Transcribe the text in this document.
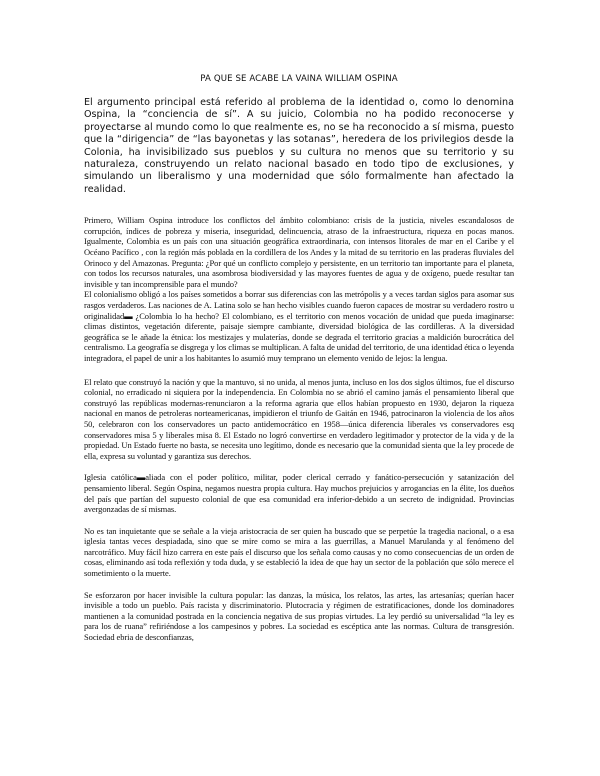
PA QUE SE ACABE LA VAINA WILLIAM OSPINA

El argumento principal está referido al problema de la identidad o, como lo denomina Ospina, la “conciencia de sí”. A su juicio, Colombia no ha podido reconocerse y proyectarse al mundo como lo que realmente es, no se ha reconocido a sí misma, puesto que la “dirigencia” de “las bayonetas y las sotanas”, heredera de los privilegios desde la Colonia, ha invisibilizado sus pueblos y su cultura no menos que su territorio y su naturaleza, construyendo un relato nacional basado en todo tipo de exclusiones, y simulando un liberalismo y una modernidad que sólo formalmente han afectado la realidad.

Primero, William Ospina introduce los conflictos del ámbito colombiano: crisis de la justicia, niveles escandalosos de corrupción, índices de pobreza y miseria, inseguridad, delincuencia, atraso de la infraestructura, riqueza en pocas manos. Igualmente, Colombia es un país con una situación geográfica extraordinaria, con intensos litorales de mar en el Caribe y el Océano Pacífico , con la región más poblada en la cordillera de los Andes y la mitad de su territorio en las praderas fluviales del Orinoco y del Amazonas. Pregunta: ¿Por qué un conflicto complejo y persistente, en un territorio tan importante para el planeta, con todos los recursos naturales, una asombrosa biodiversidad y las mayores fuentes de agua y de oxígeno, puede resultar tan invisible y tan incomprensible para el mundo?

El colonialismo obligó a los países sometidos a borrar sus diferencias con las metrópolis y a veces tardan siglos para asomar sus rasgos verdaderos. Las naciones de A. Latina solo se han hecho visibles cuando fueron capaces de mostrar su verdadero rostro u originalidad▬ ¿Colombia lo ha hecho? El colombiano, es el territorio con menos vocación de unidad que pueda imaginarse: climas distintos, vegetación diferente, paisaje siempre cambiante, diversidad biológica de las cordilleras. A la diversidad geográfica se le añade la étnica: los mestizajes y mulaterías, donde se degrada el territorio gracias a maldición burocrática del centralismo. La geografía se disgrega y los climas se multiplican. A falta de unidad del territorio, de una identidad ética o leyenda integradora, el papel de unir a los habitantes lo asumió muy temprano un elemento venido de lejos: la lengua.

El relato que construyó la nación y que la mantuvo, si no unida, al menos junta, incluso en los dos siglos últimos, fue el discurso colonial, no erradicado ni siquiera por la independencia. En Colombia no se abrió el camino jamás el pensamiento liberal que construyó las repúblicas modernas-renunciaron a la reforma agraria que ellos habían propuesto en 1930, dejaron la riqueza nacional en manos de petroleras norteamericanas, impidieron el triunfo de Gaitán en 1946, patrocinaron la violencia de los años 50, celebraron con los conservadores un pacto antidemocrático en 1958—única diferencia liberales vs conservadores esq conservadores misa 5 y liberales misa 8. El Estado no logró convertirse en verdadero legitimador y protector de la vida y de la propiedad. Un Estado fuerte no basta, se necesita uno legítimo, donde es necesario que la comunidad sienta que la ley procede de ella, expresa su voluntad y garantiza sus derechos.

Iglesia católica▬aliada con el poder político, militar, poder clerical cerrado y fanático-persecución y satanización del pensamiento liberal. Según Ospina, negamos nuestra propia cultura. Hay muchos prejuicios y arrogancias en la élite, los dueños del país que partían del supuesto colonial de que esa comunidad era inferior-debido a un secreto de indignidad. Provincias avergonzadas de sí mismas.

No es tan inquietante que se señale a la vieja aristocracia de ser quien ha buscado que se perpetúe la tragedia nacional, o a esa iglesia tantas veces despiadada, sino que se mire como se mira a las guerrillas, a Manuel Marulanda y al fenómeno del narcotráfico. Muy fácil hizo carrera en este país el discurso que los señala como causas y no como consecuencias de un orden de cosas, eliminando así toda reflexión y toda duda, y se estableció la idea de que hay un sector de la población que sólo merece el sometimiento o la muerte.

Se esforzaron por hacer invisible la cultura popular: las danzas, la música, los relatos, las artes, las artesanías; querían hacer invisible a todo un pueblo. País racista y discriminatorio. Plutocracia y régimen de estratificaciones, donde los dominadores mantienen a la comunidad postrada en la conciencia negativa de sus propias virtudes. La ley perdió su universalidad “la ley es para los de ruana” refiriéndose a los campesinos y pobres. La sociedad es escéptica ante las normas. Cultura de transgresión. Sociedad ebria de desconfianzas,
